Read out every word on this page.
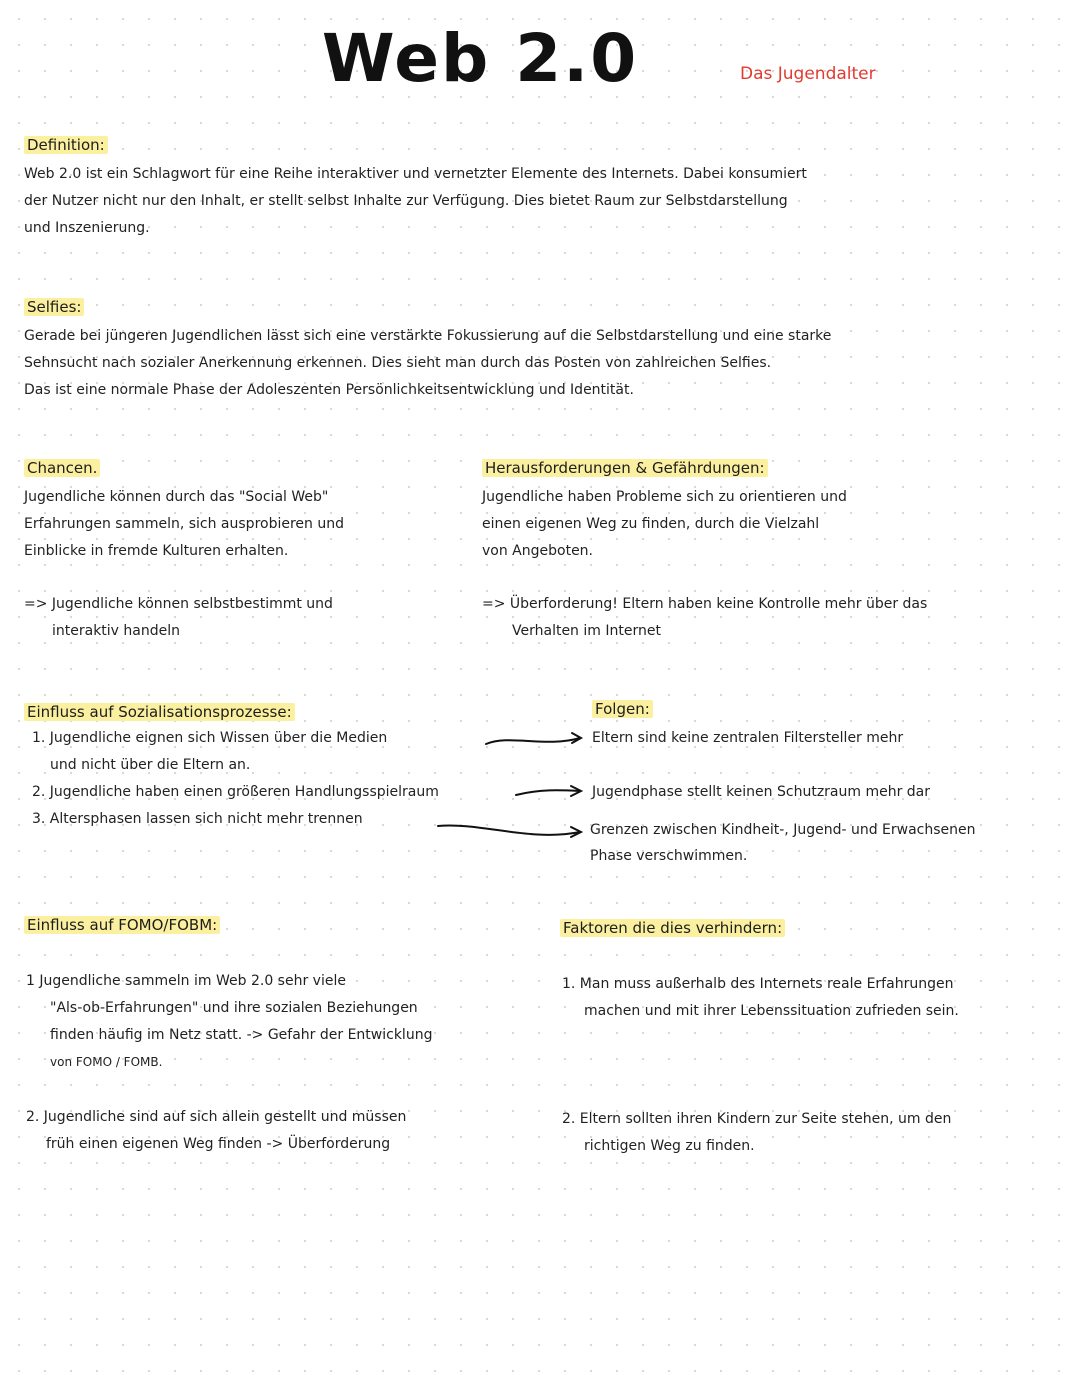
Web 2.0	Das Jugendalter
Definition:
Web 2.0 ist ein Schlagwort für eine Reihe interaktiver und vernetzter Elemente des Internets. Dabei konsumiert
der Nutzer nicht nur den Inhalt, er stellt selbst Inhalte zur Verfügung. Dies bietet Raum zur Selbstdarstellung
und Inszenierung.
Selfies:
Gerade bei jüngeren Jugendlichen lässt sich eine verstärkte Fokussierung auf die Selbstdarstellung und eine starke
Sehnsucht nach sozialer Anerkennung erkennen. Dies sieht man durch das Posten von zahlreichen Selfies.
Das ist eine normale Phase der Adoleszenten Persönlichkeitsentwicklung und Identität.
Chancen.
Jugendliche können durch das "Social Web"
Erfahrungen sammeln, sich ausprobieren und
Einblicke in fremde Kulturen erhalten.
=> Jugendliche können selbstbestimmt und
interaktiv handeln
Herausforderungen & Gefährdungen:
Jugendliche haben Probleme sich zu orientieren und
einen eigenen Weg zu finden, durch die Vielzahl
von Angeboten.
=> Überforderung! Eltern haben keine Kontrolle mehr über das
Verhalten im Internet
Einfluss auf Sozialisationsprozesse:
1. Jugendliche eignen sich Wissen über die Medien
und nicht über die Eltern an.
2. Jugendliche haben einen größeren Handlungsspielraum
3. Altersphasen lassen sich nicht mehr trennen
Folgen:
Eltern sind keine zentralen Filtersteller mehr
Jugendphase stellt keinen Schutzraum mehr dar
Grenzen zwischen Kindheit-, Jugend- und Erwachsenen
Phase verschwimmen.
Einfluss auf FOMO/FOBM:
1 Jugendliche sammeln im Web 2.0 sehr viele
"Als-ob-Erfahrungen" und ihre sozialen Beziehungen
finden häufig im Netz statt. -> Gefahr der Entwicklung
von FOMO / FOMB.
2. Jugendliche sind auf sich allein gestellt und müssen
früh einen eigenen Weg finden -> Überforderung
Faktoren die dies verhindern:
1. Man muss außerhalb des Internets reale Erfahrungen
machen und mit ihrer Lebenssituation zufrieden sein.
2. Eltern sollten ihren Kindern zur Seite stehen, um den
richtigen Weg zu finden.
